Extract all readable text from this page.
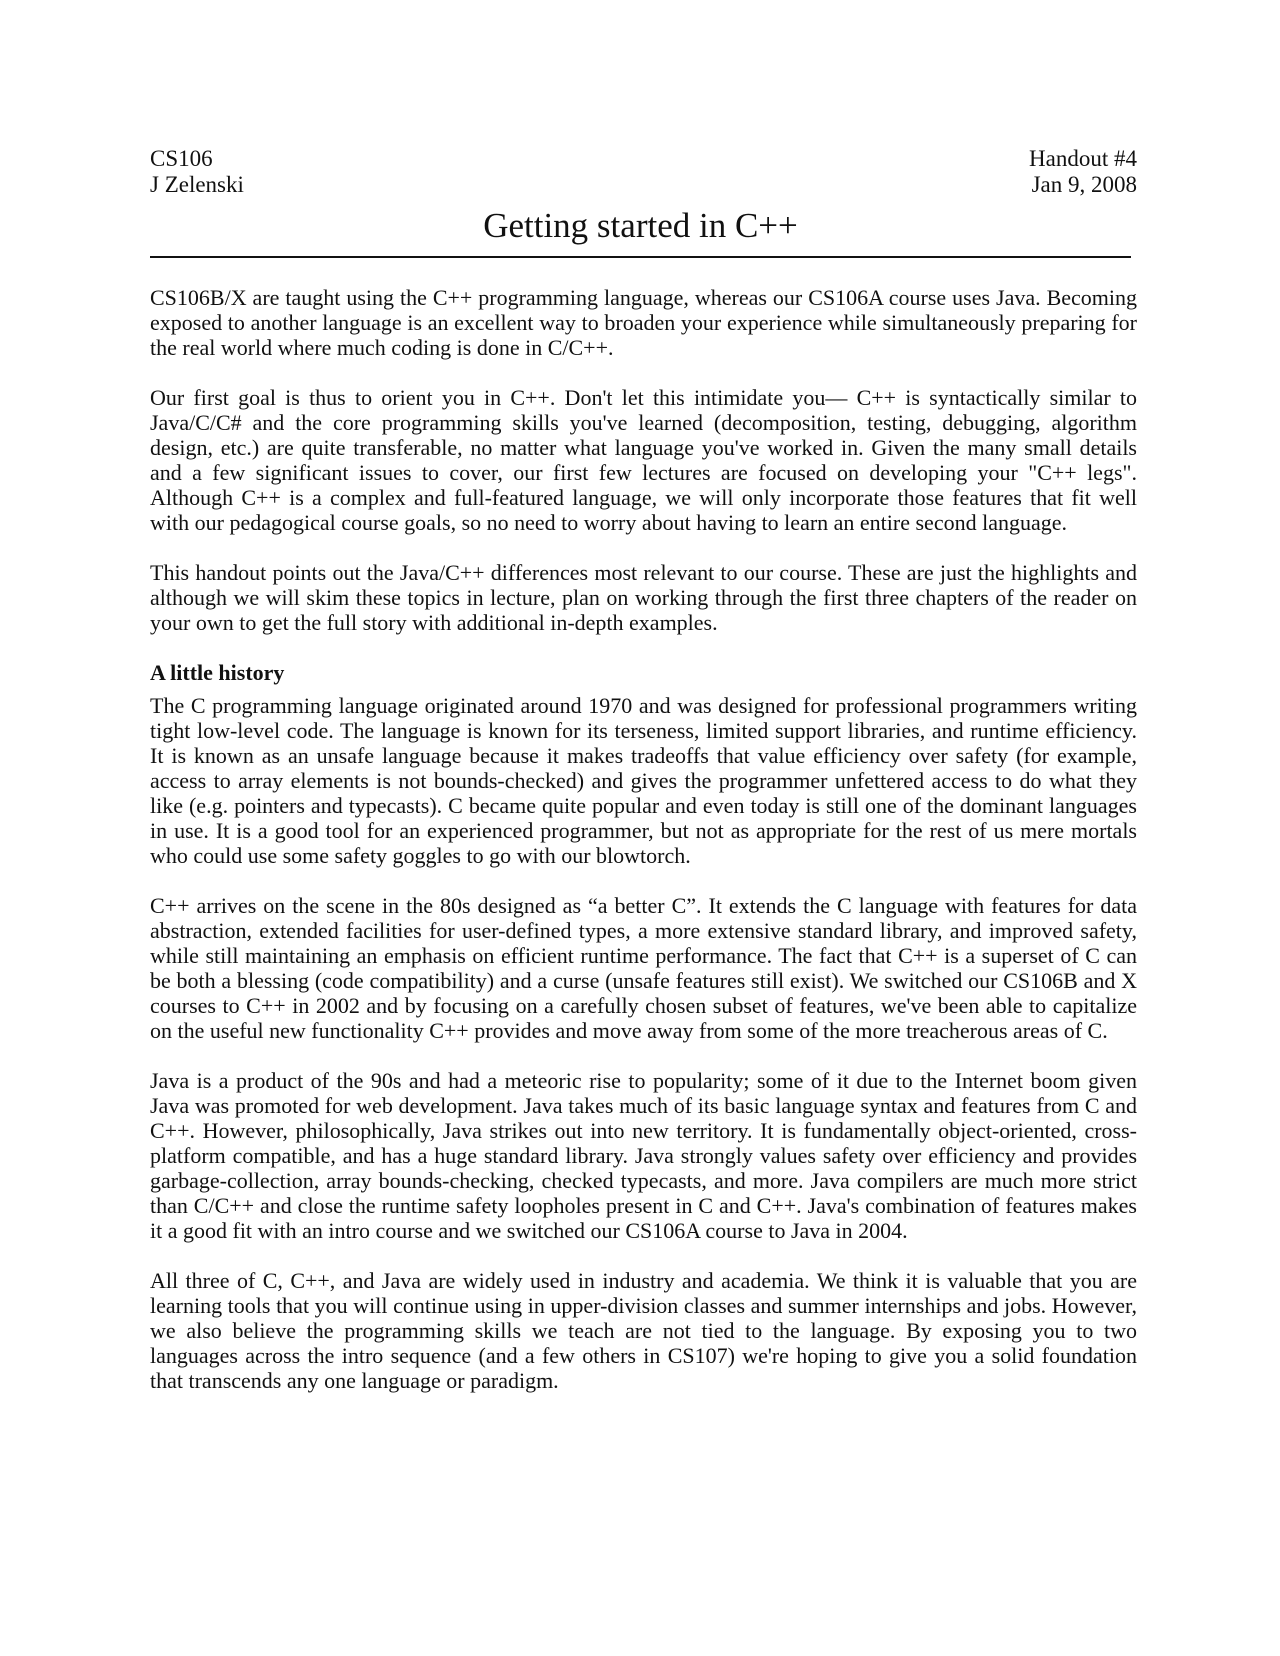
CS106
J Zelenski
Handout #4
Jan 9, 2008
Getting started in C++

CS106B/X are taught using the C++ programming language, whereas our CS106A course uses Java. Becoming exposed to another language is an excellent way to broaden your experience while simultaneously preparing for the real world where much coding is done in C/C++.

Our first goal is thus to orient you in C++. Don't let this intimidate you— C++ is syntactically similar to Java/C/C# and the core programming skills you've learned (decomposition, testing, debugging, algorithm design, etc.) are quite transferable, no matter what language you've worked in. Given the many small details and a few significant issues to cover, our first few lectures are focused on developing your "C++ legs". Although C++ is a complex and full-featured language, we will only incorporate those features that fit well with our pedagogical course goals, so no need to worry about having to learn an entire second language.

This handout points out the Java/C++ differences most relevant to our course. These are just the highlights and although we will skim these topics in lecture, plan on working through the first three chapters of the reader on your own to get the full story with additional in-depth examples.

A little history

The C programming language originated around 1970 and was designed for professional programmers writing tight low-level code. The language is known for its terseness, limited support libraries, and runtime efficiency. It is known as an unsafe language because it makes tradeoffs that value efficiency over safety (for example, access to array elements is not bounds-checked) and gives the programmer unfettered access to do what they like (e.g. pointers and typecasts). C became quite popular and even today is still one of the dominant languages in use. It is a good tool for an experienced programmer, but not as appropriate for the rest of us mere mortals who could use some safety goggles to go with our blowtorch.

C++ arrives on the scene in the 80s designed as “a better C”. It extends the C language with features for data abstraction, extended facilities for user-defined types, a more extensive standard library, and improved safety, while still maintaining an emphasis on efficient runtime performance. The fact that C++ is a superset of C can be both a blessing (code compatibility) and a curse (unsafe features still exist). We switched our CS106B and X courses to C++ in 2002 and by focusing on a carefully chosen subset of features, we've been able to capitalize on the useful new functionality C++ provides and move away from some of the more treacherous areas of C.

Java is a product of the 90s and had a meteoric rise to popularity; some of it due to the Internet boom given Java was promoted for web development. Java takes much of its basic language syntax and features from C and C++. However, philosophically, Java strikes out into new territory. It is fundamentally object-oriented, cross-platform compatible, and has a huge standard library. Java strongly values safety over efficiency and provides garbage-collection, array bounds-checking, checked typecasts, and more. Java compilers are much more strict than C/C++ and close the runtime safety loopholes present in C and C++. Java's combination of features makes it a good fit with an intro course and we switched our CS106A course to Java in 2004.

All three of C, C++, and Java are widely used in industry and academia. We think it is valuable that you are learning tools that you will continue using in upper-division classes and summer internships and jobs. However, we also believe the programming skills we teach are not tied to the language. By exposing you to two languages across the intro sequence (and a few others in CS107) we're hoping to give you a solid foundation that transcends any one language or paradigm.
